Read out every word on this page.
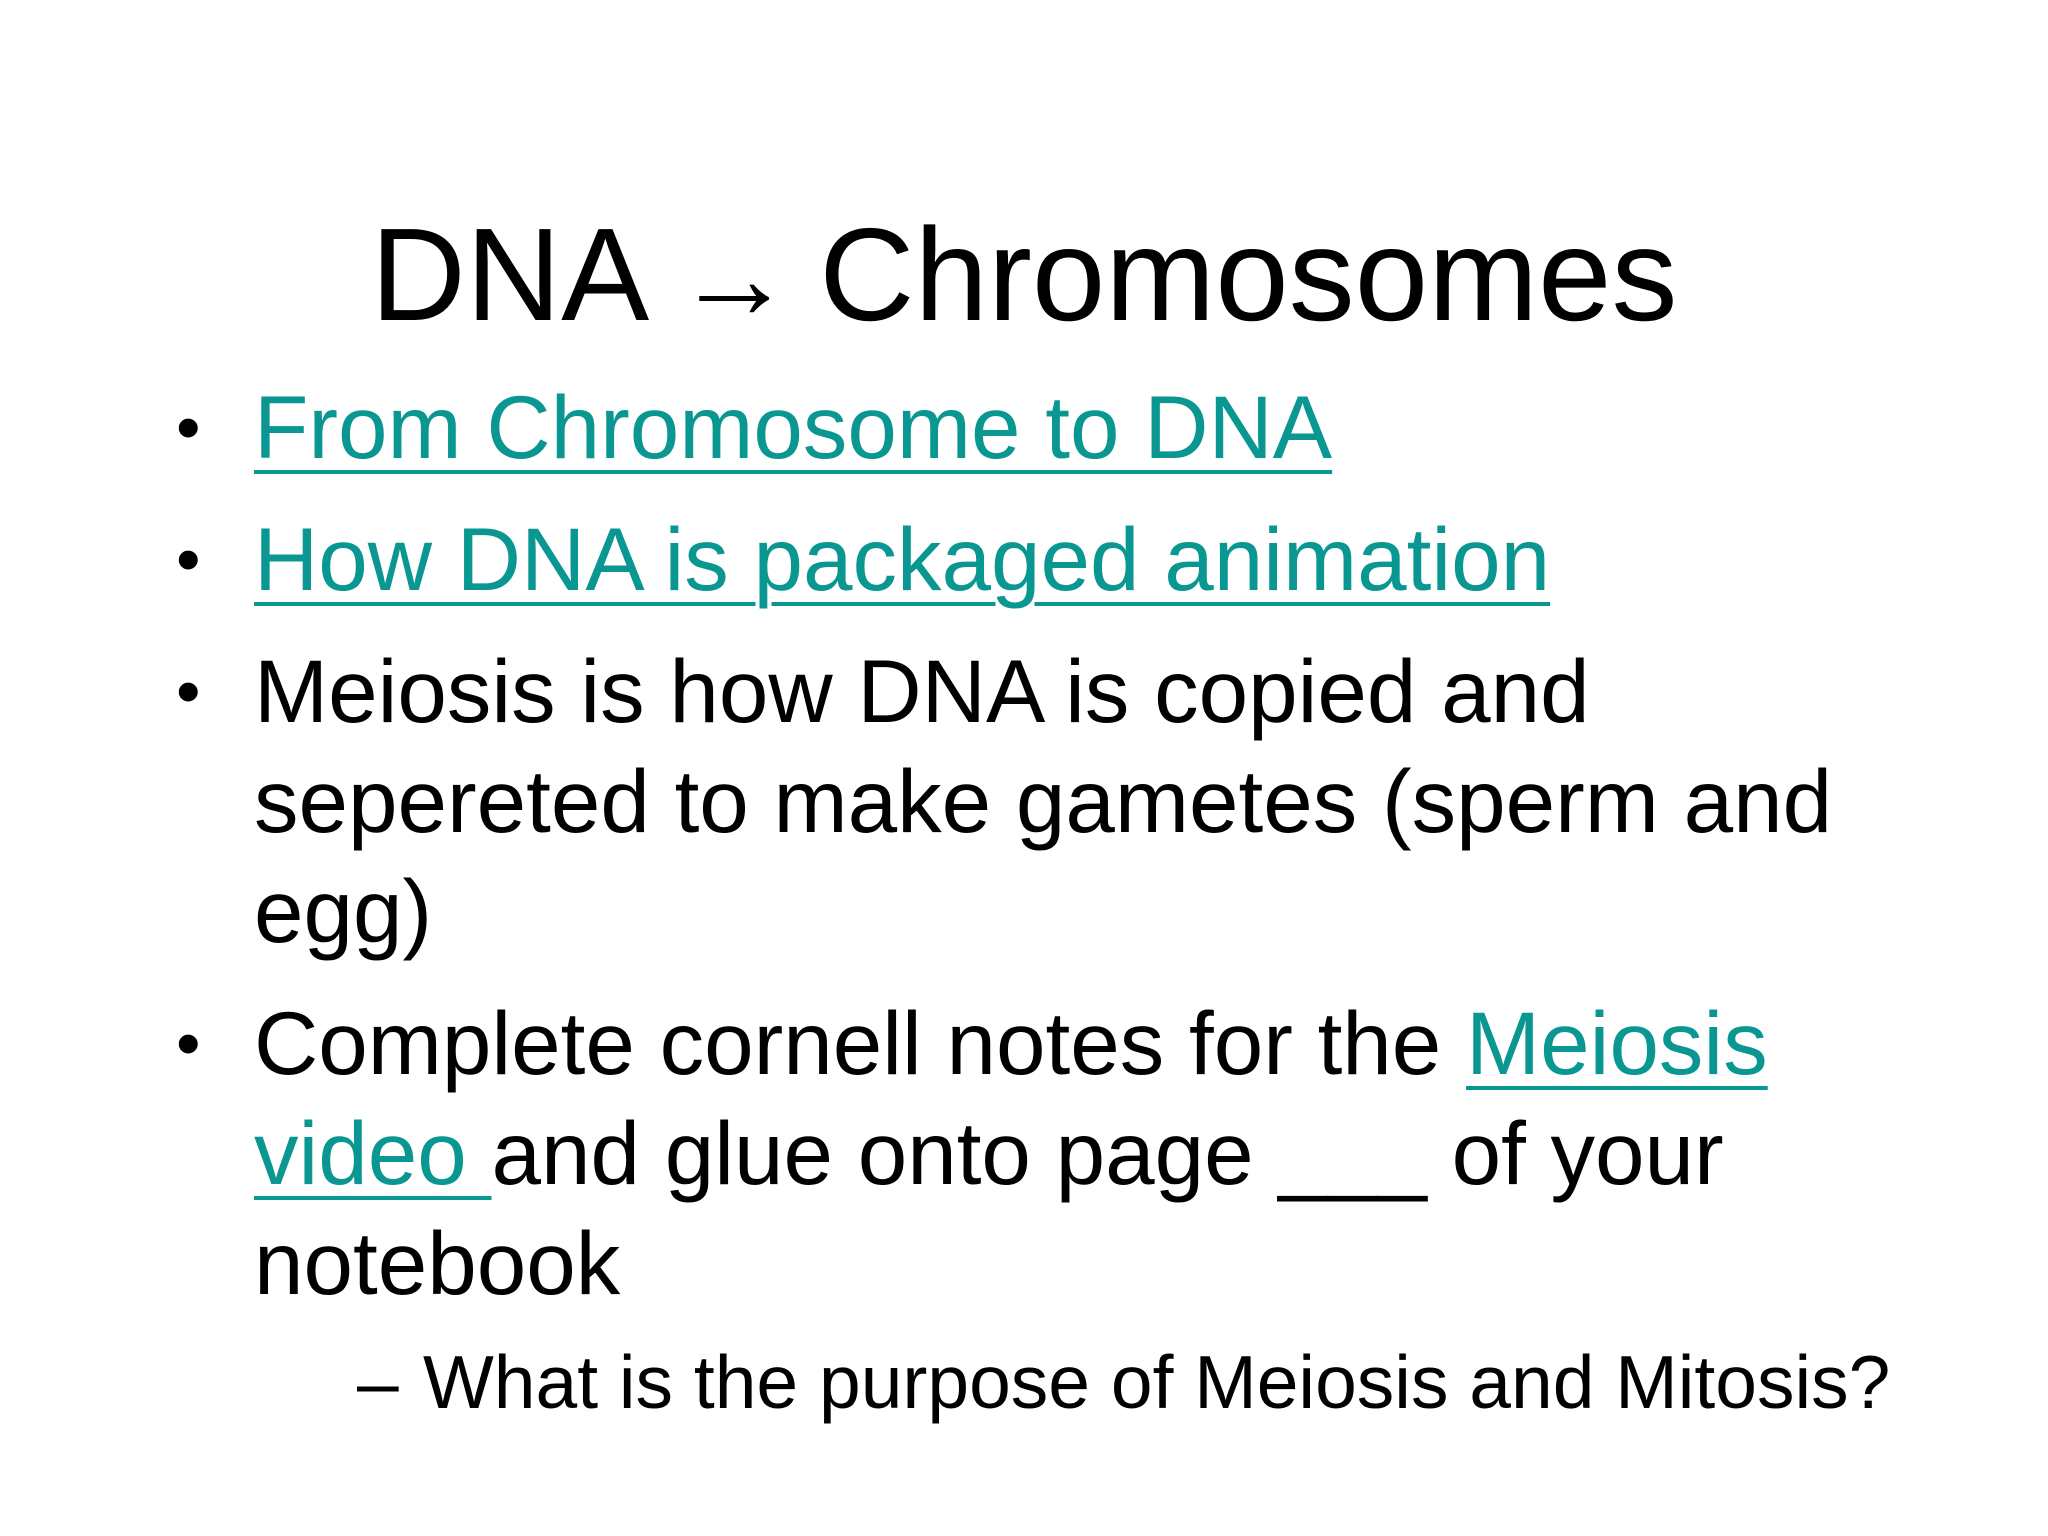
DNA → Chromosomes
• From Chromosome to DNA
• How DNA is packaged animation
• Meiosis is how DNA is copied and sepereted to make gametes (sperm and egg)
• Complete cornell notes for the Meiosis video and glue onto page ___ of your notebook
– What is the purpose of Meiosis and Mitosis?
